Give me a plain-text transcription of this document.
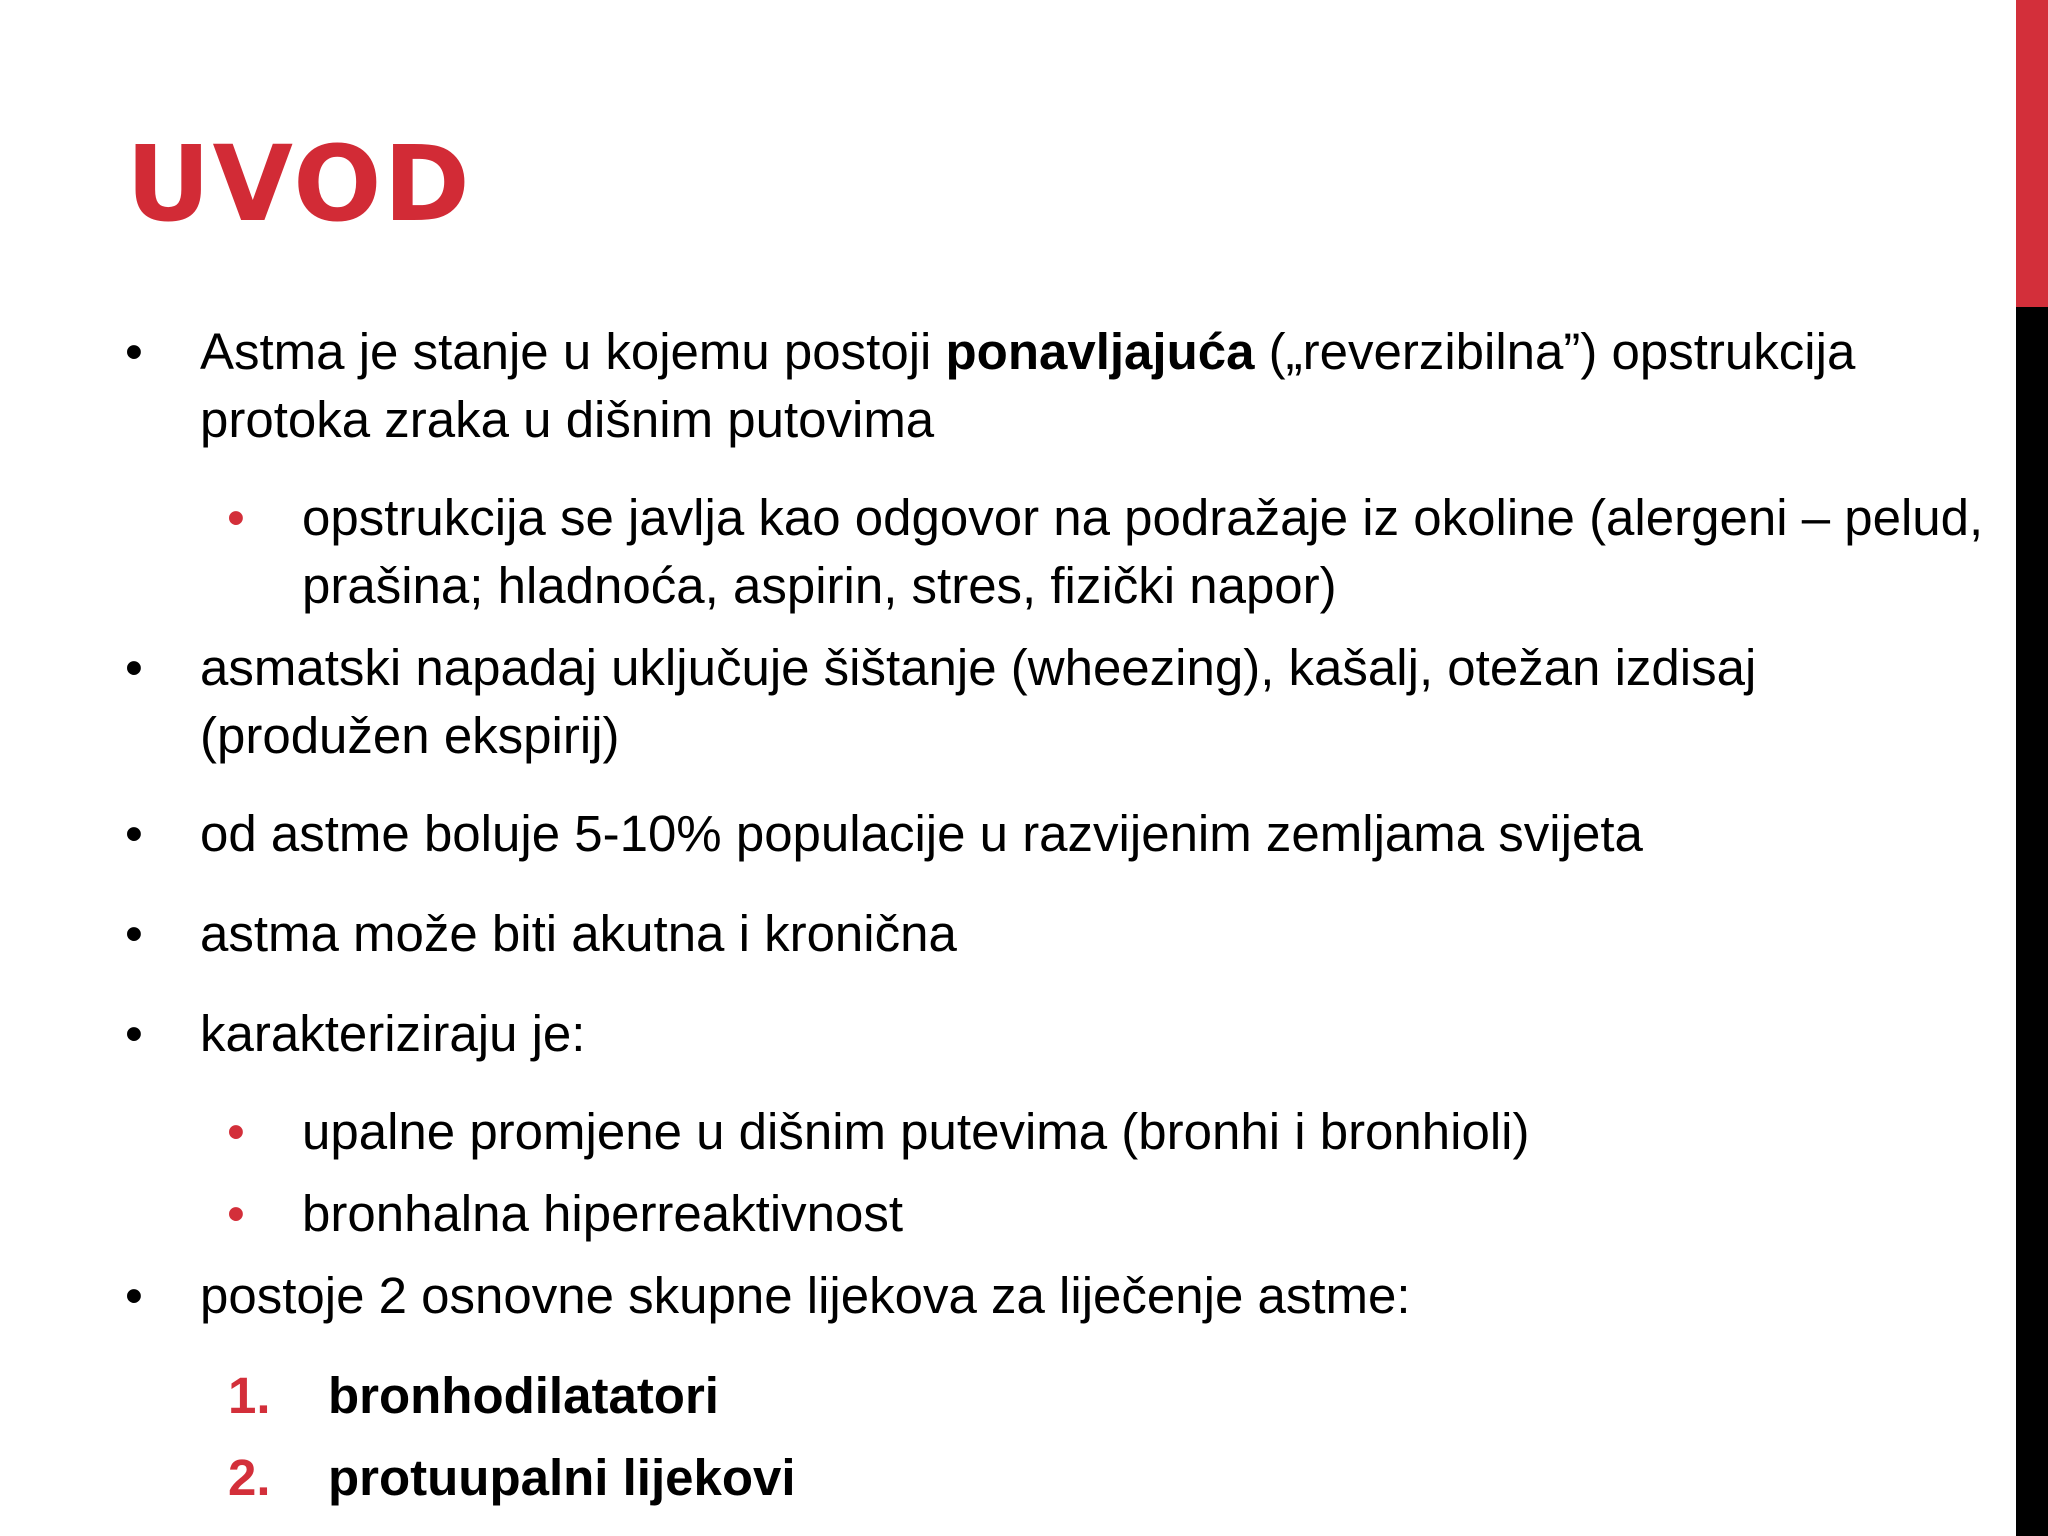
UVOD
• Astma je stanje u kojemu postoji ponavljajuća („reverzibilna”) opstrukcija protoka zraka u dišnim putovima
• opstrukcija se javlja kao odgovor na podražaje iz okoline (alergeni – pelud, prašina; hladnoća, aspirin, stres, fizički napor)
• asmatski napadaj uključuje šištanje (wheezing), kašalj, otežan izdisaj (produžen ekspirij)
• od astme boluje 5-10% populacije u razvijenim zemljama svijeta
• astma može biti akutna i kronična
• karakteriziraju je:
• upalne promjene u dišnim putevima (bronhi i bronhioli)
• bronhalna hiperreaktivnost
• postoje 2 osnovne skupne lijekova za liječenje astme:
1. bronhodilatatori
2. protuupalni lijekovi
